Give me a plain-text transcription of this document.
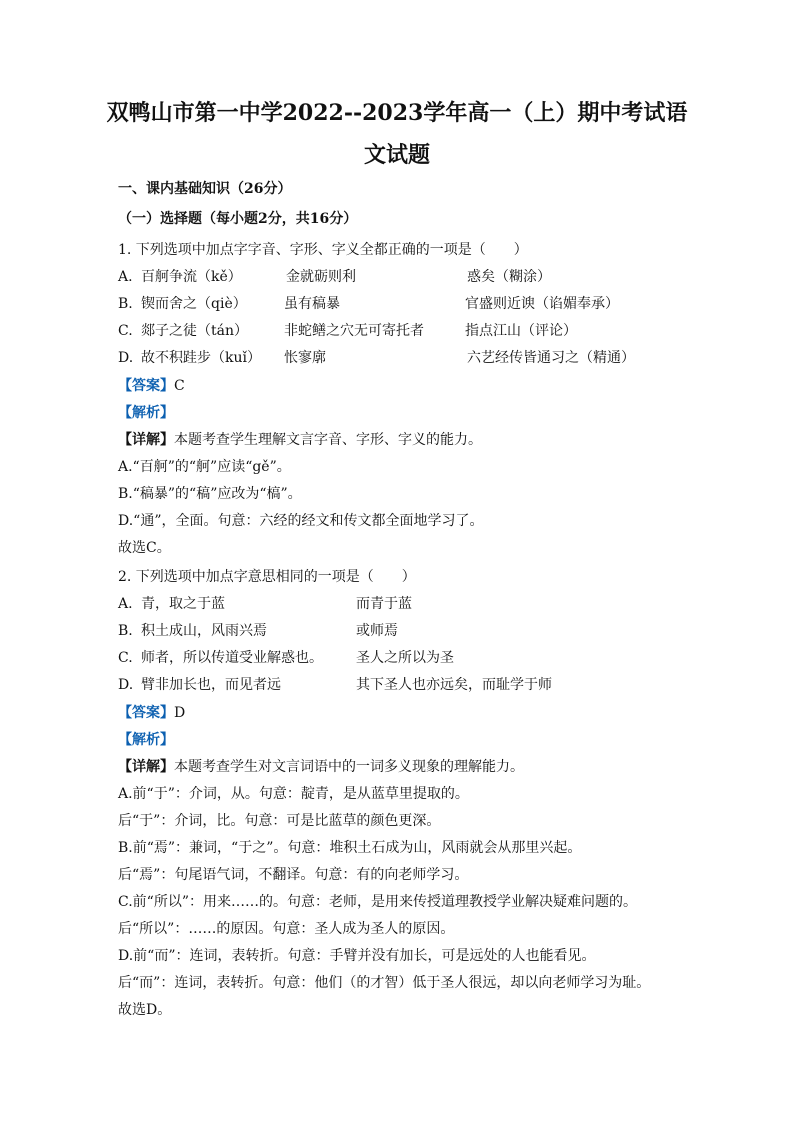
双鸭山市第一中学2022--2023学年高一（上）期中考试语
文试题
一、课内基础知识（26分）
（一）选择题（每小题2分，共16分）
1. 下列选项中加点字字音、字形、字义全都正确的一项是（　　）
A. 百舸争流（kě）	金就砺则利	惑矣（糊涂）
B. 锲而舍之（qiè）	虽有稿暴	官盛则近谀（谄媚奉承）
C. 郯子之徒（tán）	非蛇鳝之穴无可寄托者	指点江山（评论）
D. 故不积跬步（kuǐ） 怅寥廓	六艺经传皆通习之（精通）
【答案】C
【解析】
【详解】本题考查学生理解文言字音、字形、字义的能力。
A.“百舸”的“舸”应读“gě”。
B.“稿暴”的“稿”应改为“槁”。
D.“通”，全面。句意：六经的经文和传文都全面地学习了。
故选C。
2. 下列选项中加点字意思相同的一项是（　　）
A. 青，取之于蓝	而青于蓝
B. 积土成山，风雨兴焉	或师焉
C. 师者，所以传道受业解惑也。 圣人之所以为圣
D. 臂非加长也，而见者远	其下圣人也亦远矣，而耻学于师
【答案】D
【解析】
【详解】本题考查学生对文言词语中的一词多义现象的理解能力。
A.前“于”：介词，从。句意：靛青，是从蓝草里提取的。
后“于”：介词，比。句意：可是比蓝草的颜色更深。
B.前“焉”：兼词，“于之”。句意：堆积土石成为山，风雨就会从那里兴起。
后“焉”：句尾语气词，不翻译。句意：有的向老师学习。
C.前“所以”：用来……的。句意：老师，是用来传授道理教授学业解决疑难问题的。
后“所以”：……的原因。句意：圣人成为圣人的原因。
D.前“而”：连词，表转折。句意：手臂并没有加长，可是远处的人也能看见。
后“而”：连词，表转折。句意：他们（的才智）低于圣人很远，却以向老师学习为耻。
故选D。
